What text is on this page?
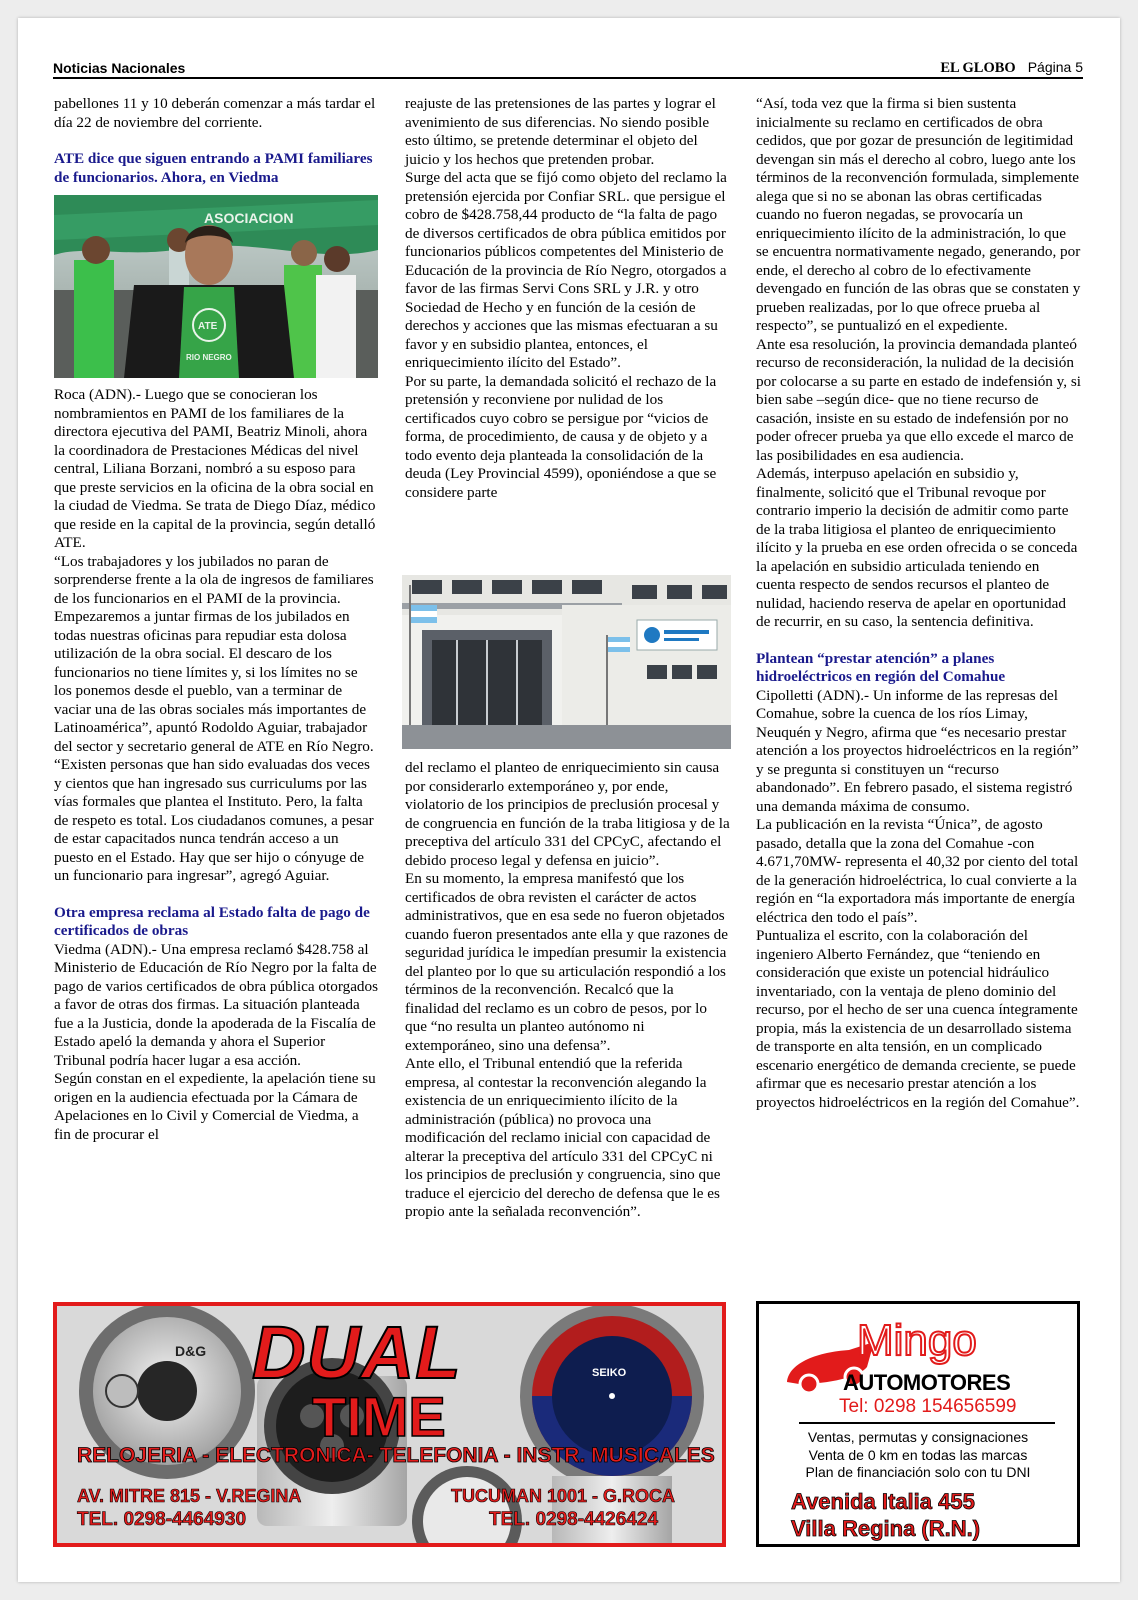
Noticias Nacionales	EL GLOBO Página 5

pabellones 11 y 10 deberán comenzar a más tardar el día 22 de noviembre del corriente.

ATE dice que siguen entrando a PAMI familiares de funcionarios. Ahora, en Viedma
ASOCIACION
ATE
RIO NEGRO

Roca (ADN).- Luego que se conocieran los nombramientos en PAMI de los familiares de la directora ejecutiva del PAMI, Beatriz Minoli, ahora la coordinadora de Prestaciones Médicas del nivel central, Liliana Borzani, nombró a su esposo para que preste servicios en la oficina de la obra social en la ciudad de Viedma. Se trata de Diego Díaz, médico que reside en la capital de la provincia, según detalló ATE.

“Los trabajadores y los jubilados no paran de sorprenderse frente a la ola de ingresos de familiares de los funcionarios en el PAMI de la provincia. Empezaremos a juntar firmas de los jubilados en todas nuestras oficinas para repudiar esta dolosa utilización de la obra social. El descaro de los funcionarios no tiene límites y, si los límites no se los ponemos desde el pueblo, van a terminar de vaciar una de las obras sociales más importantes de Latinoamérica”, apuntó Rodoldo Aguiar, trabajador del sector y secretario general de ATE en Río Negro.

“Existen personas que han sido evaluadas dos veces y cientos que han ingresado sus curriculums por las vías formales que plantea el Instituto. Pero, la falta de respeto es total. Los ciudadanos comunes, a pesar de estar capacitados nunca tendrán acceso a un puesto en el Estado. Hay que ser hijo o cónyuge de un funcionario para ingresar”, agregó Aguiar.

Otra empresa reclama al Estado falta de pago de certificados de obras

Viedma (ADN).- Una empresa reclamó $428.758 al Ministerio de Educación de Río Negro por la falta de pago de varios certificados de obra pública otorgados a favor de otras dos firmas. La situación planteada fue a la Justicia, donde la apoderada de la Fiscalía de Estado apeló la demanda y ahora el Superior Tribunal podría hacer lugar a esa acción.

Según constan en el expediente, la apelación tiene su origen en la audiencia efectuada por la Cámara de Apelaciones en lo Civil y Comercial de Viedma, a fin de procurar el

reajuste de las pretensiones de las partes y lograr el avenimiento de sus diferencias. No siendo posible esto último, se pretende determinar el objeto del juicio y los hechos que pretenden probar.

Surge del acta que se fijó como objeto del reclamo la pretensión ejercida por Confiar SRL. que persigue el cobro de $428.758,44 producto de “la falta de pago de diversos certificados de obra pública emitidos por funcionarios públicos competentes del Ministerio de Educación de la provincia de Río Negro, otorgados a favor de las firmas Servi Cons SRL y J.R. y otro Sociedad de Hecho y en función de la cesión de derechos y acciones que las mismas efectuaran a su favor y en subsidio plantea, entonces, el enriquecimiento ilícito del Estado”.

Por su parte, la demandada solicitó el rechazo de la pretensión y reconviene por nulidad de los certificados cuyo cobro se persigue por “vicios de forma, de procedimiento, de causa y de objeto y a todo evento deja planteada la consolidación de la deuda (Ley Provincial 4599), oponiéndose a que se considere parte

del reclamo el planteo de enriquecimiento sin causa por considerarlo extemporáneo y, por ende, violatorio de los principios de preclusión procesal y de congruencia en función de la traba litigiosa y de la preceptiva del artículo 331 del CPCyC, afectando el debido proceso legal y defensa en juicio”.

En su momento, la empresa manifestó que los certificados de obra revisten el carácter de actos administrativos, que en esa sede no fueron objetados cuando fueron presentados ante ella y que razones de seguridad jurídica le impedían presumir la existencia del planteo por lo que su articulación respondió a los términos de la reconvención. Recalcó que la finalidad del reclamo es un cobro de pesos, por lo que “no resulta un planteo autónomo ni extemporáneo, sino una defensa”.

Ante ello, el Tribunal entendió que la referida empresa, al contestar la reconvención alegando la existencia de un enriquecimiento ilícito de la administración (pública) no provoca una modificación del reclamo inicial con capacidad de alterar la preceptiva del artículo 331 del CPCyC ni los principios de preclusión y congruencia, sino que traduce el ejercicio del derecho de defensa que le es propio ante la señalada reconvención”.

“Así, toda vez que la firma si bien sustenta inicialmente su reclamo en certificados de obra cedidos, que por gozar de presunción de legitimidad devengan sin más el derecho al cobro, luego ante los términos de la reconvención formulada, simplemente alega que si no se abonan las obras certificadas cuando no fueron negadas, se provocaría un enriquecimiento ilícito de la administración, lo que se encuentra normativamente negado, generando, por ende, el derecho al cobro de lo efectivamente devengado en función de las obras que se constaten y prueben realizadas, por lo que ofrece prueba al respecto”, se puntualizó en el expediente.

Ante esa resolución, la provincia demandada planteó recurso de reconsideración, la nulidad de la decisión por colocarse a su parte en estado de indefensión y, si bien sabe –según dice- que no tiene recurso de casación, insiste en su estado de indefensión por no poder ofrecer prueba ya que ello excede el marco de las posibilidades en esa audiencia.

Además, interpuso apelación en subsidio y, finalmente, solicitó que el Tribunal revoque por contrario imperio la decisión de admitir como parte de la traba litigiosa el planteo de enriquecimiento ilícito y la prueba en ese orden ofrecida o se conceda la apelación en subsidio articulada teniendo en cuenta respecto de sendos recursos el planteo de nulidad, haciendo reserva de apelar en oportunidad de recurrir, en su caso, la sentencia definitiva.

Plantean “prestar atención” a planes hidroeléctricos en región del Comahue

Cipolletti (ADN).- Un informe de las represas del Comahue, sobre la cuenca de los ríos Limay, Neuquén y Negro, afirma que “es necesario prestar atención a los proyectos hidroeléctricos en la región” y se pregunta si constituyen un “recurso abandonado”. En febrero pasado, el sistema registró una demanda máxima de consumo.

La publicación en la revista “Única”, de agosto pasado, detalla que la zona del Comahue -con 4.671,70MW- representa el 40,32 por ciento del total de la generación hidroeléctrica, lo cual convierte a la región en “la exportadora más importante de energía eléctrica den todo el país”.

Puntualiza el escrito, con la colaboración del ingeniero Alberto Fernández, que “teniendo en consideración que existe un potencial hidráulico inventariado, con la ventaja de pleno dominio del recurso, por el hecho de ser una cuenca íntegramente propia, más la existencia de un desarrollado sistema de transporte en alta tensión, en un complicado escenario energético de demanda creciente, se puede afirmar que es necesario prestar atención a los proyectos hidroeléctricos en la región del Comahue”.

D&G
SEIKO
DUAL
TIME
RELOJERIA - ELECTRONICA- TELEFONIA - INSTR. MUSICALES
AV. MITRE 815 - V.REGINA
TEL. 0298-4464930
TUCUMAN 1001 - G.ROCA
TEL. 0298-4426424
Mingo
AUTOMOTORES
Tel: 0298 154656599
Ventas, permutas y consignaciones
Venta de 0 km en todas las marcas
Plan de financiación solo con tu DNI
Avenida Italia 455
Villa Regina (R.N.)
